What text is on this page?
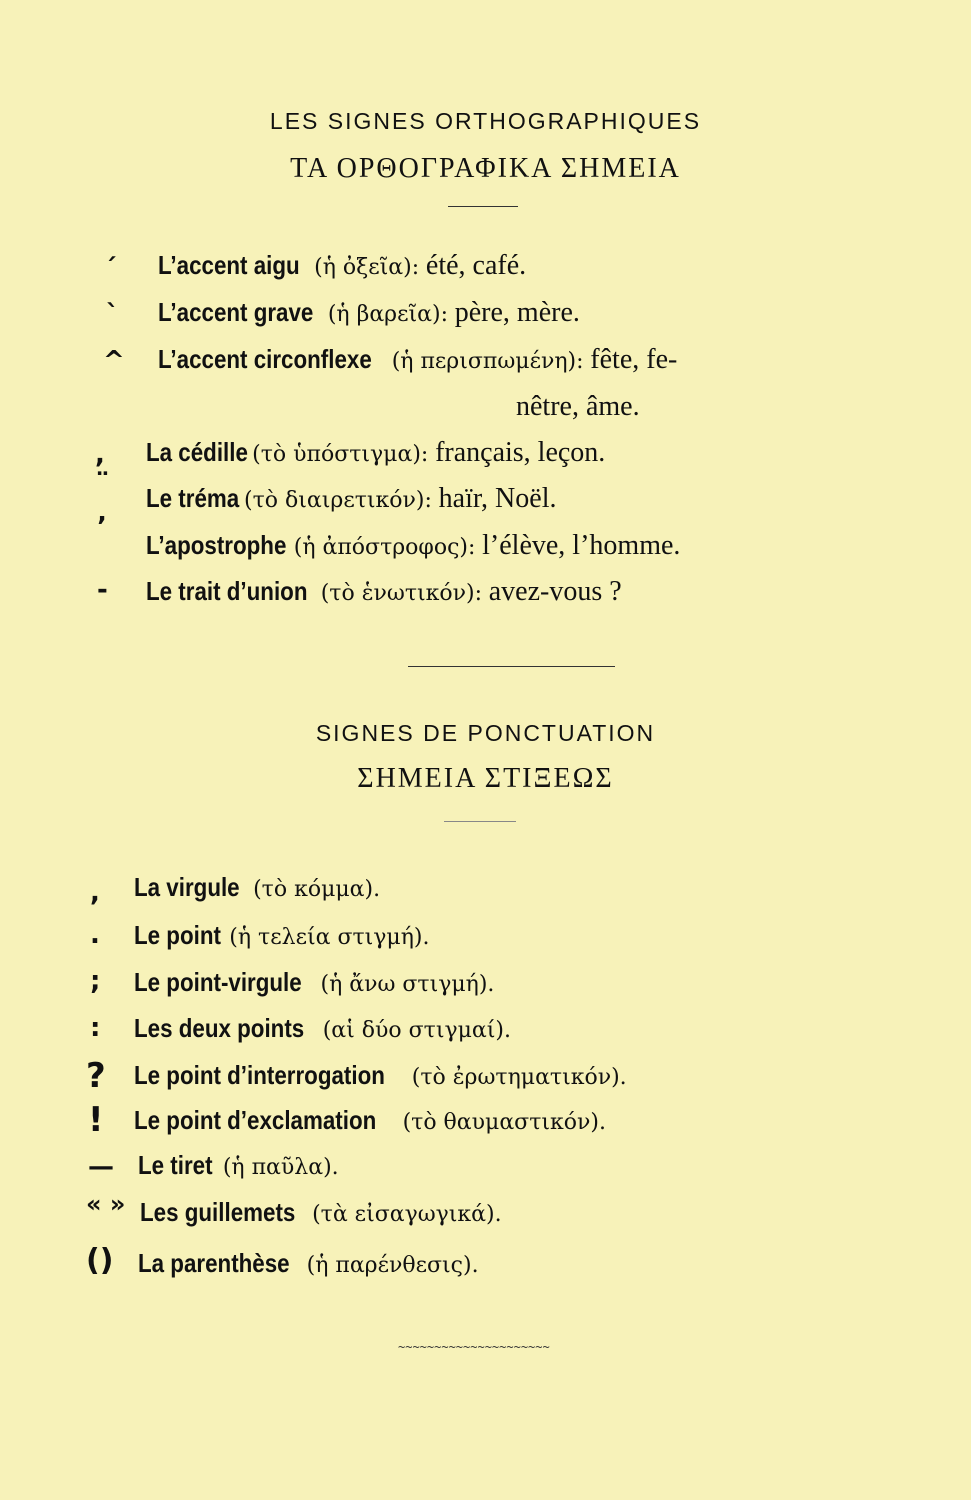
LES SIGNES ORTHOGRAPHIQUES
ΤΑ ΟΡΘΟΓΡΑΦΙΚΑ ΣΗΜΕΙΑ
´ L’accent aigu (ἡ ὀξεῖα): été, café.
` L’accent grave (ἡ βαρεῖα): père, mère.
^ L’accent circonflexe (ἡ περισπωμένη): fête, fe-
nêtre, âme.
, La cédille (τὸ ὑπόστιγμα): français, leçon.
¨ Le tréma (τὸ διαιρετικόν): haïr, Noël.
’
L’apostrophe (ἡ ἀπόστροφος): l’élève, l’homme.
- Le trait d’union (τὸ ἑνωτικόν): avez-vous ?
SIGNES DE PONCTUATION
ΣΗΜΕΙΑ ΣΤΙΞΕΩΣ
, La virgule (τὸ κόμμα).
. Le point (ἡ τελεία στιγμή).
; Le point-virgule (ἡ ἄνω στιγμή).
: Les deux points (αἱ δύο στιγμαί).
? Le point d’interrogation (τὸ ἐρωτηματικόν).
! Le point d’exclamation (τὸ θαυμαστικόν).
— Le tiret (ἡ παῦλα).
« » Les guillemets (τὰ εἰσαγωγικά).
() La parenthèse (ἡ παρένθεσις).
~~~~~~~~~~~~~~~~~~~~~
